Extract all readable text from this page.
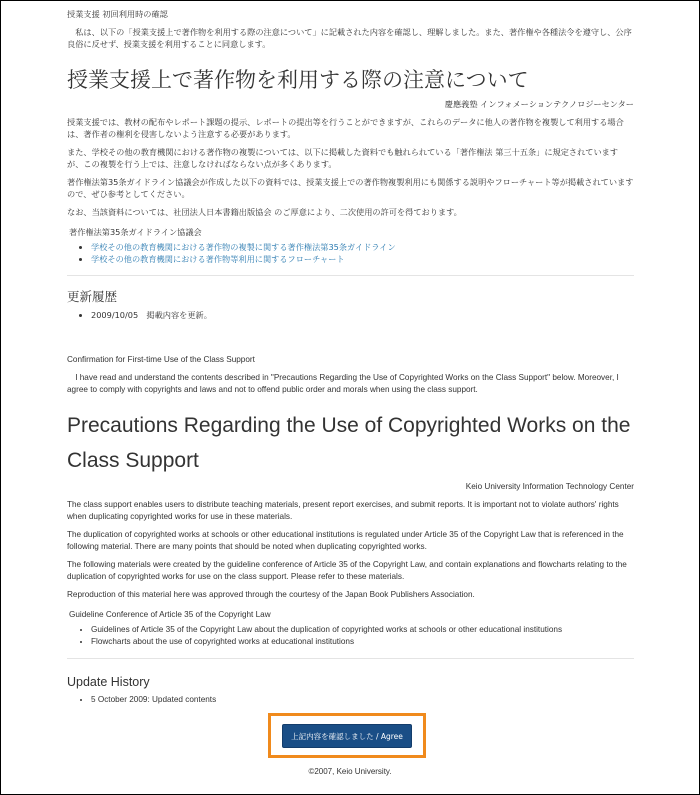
授業支援 初回利用時の確認
　私は、以下の「授業支援上で著作物を利用する際の注意について」に記載された内容を確認し、理解しました。また、著作権や各種法令を遵守し、公序良俗に反せず、授業支援を利用することに同意します。
授業支援上で著作物を利用する際の注意について
慶應義塾 インフォメーションテクノロジーセンター

授業支援では、教材の配布やレポート課題の提示、レポートの提出等を行うことができますが、これらのデータに他人の著作物を複製して利用する場合は、著作者の権利を侵害しないよう注意する必要があります。

また、学校その他の教育機関における著作物の複製については、以下に掲載した資料でも触れられている「著作権法 第三十五条」に規定されていますが、この複製を行う上では、注意しなければならない点が多くあります。

著作権法第35条ガイドライン協議会が作成した以下の資料では、授業支援上での著作物複製利用にも関係する説明やフローチャート等が掲載されていますので、ぜひ参考としてください。

なお、当該資料については、社団法人日本書籍出版協会 のご厚意により、二次使用の許可を得ております。

著作権法第35条ガイドライン協議会
• 学校その他の教育機関における著作物の複製に関する著作権法第35条ガイドライン
• 学校その他の教育機関における著作物等利用に関するフローチャート
更新履歴
• 2009/10/05　掲載内容を更新。
Confirmation for First-time Use of the Class Support
　I have read and understand the contents described in "Precautions Regarding the Use of Copyrighted Works on the Class Support" below. Moreover, I agree to comply with copyrights and laws and not to offend public order and morals when using the class support.
Precautions Regarding the Use of Copyrighted Works on the Class Support
Keio University Information Technology Center

The class support enables users to distribute teaching materials, present report exercises, and submit reports. It is important not to violate authors' rights when duplicating copyrighted works for use in these materials.

The duplication of copyrighted works at schools or other educational institutions is regulated under Article 35 of the Copyright Law that is referenced in the following material. There are many points that should be noted when duplicating copyrighted works.

The following materials were created by the guideline conference of Article 35 of the Copyright Law, and contain explanations and flowcharts relating to the duplication of copyrighted works for use on the class support. Please refer to these materials.

Reproduction of this material here was approved through the courtesy of the Japan Book Publishers Association.

Guideline Conference of Article 35 of the Copyright Law
• Guidelines of Article 35 of the Copyright Law about the duplication of copyrighted works at schools or other educational institutions
• Flowcharts about the use of copyrighted works at educational institutions
Update History
• 5 October 2009: Updated contents
上記内容を確認しました / Agree
©2007, Keio University.
